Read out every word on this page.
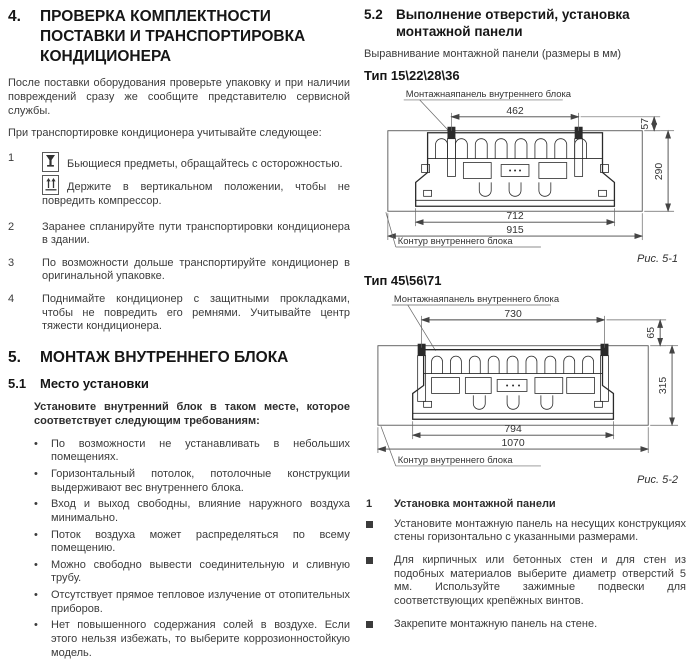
4.	ПРОВЕРКА КОМПЛЕКТНОСТИ ПОСТАВКИ И ТРАНСПОРТИРОВКА КОНДИЦИОНЕРА

После поставки оборудования проверьте упаковку и при наличии повреждений сразу же сообщите представителю сервисной службы.

При транспортировке кондиционера учитывайте следующее:

1	Бьющиеся предметы, обращайтесь с осторожностью.

Держите в вертикальном положении, чтобы не повредить компрессор.

2	Заранее спланируйте пути транспортировки кондиционера в здании.
3	По возможности дольше транспортируйте кондиционер в оригинальной упаковке.
4	Поднимайте кондиционер с защитными прокладками, чтобы не повредить его ремнями. Учитывайте центр тяжести кондиционера.
5.	МОНТАЖ ВНУТРЕННЕГО БЛОКА
5.1	Место установки

Установите внутренний блок в таком месте, которое соответствует следующим требованиям:

•
По возможности не устанавливать в небольших помещениях.
•
Горизонтальный потолок, потолочные конструкции выдерживают вес внутреннего блока.
•
Вход и выход свободны, влияние наружного воздуха минимально.
•
Поток воздуха может распределяться по всему помещению.
•
Можно свободно вывести соединительную и сливную трубу.
•
Отсутствует прямое тепловое излучение от отопительных приборов.
•
Нет повышенного содержания солей в воздухе. Если этого нельзя избежать, то выберите коррозионностойкую модель.
5.2 Выполнение отверстий, установка монтажной панели

Выравнивание монтажной панели (размеры в мм)

Тип 15\22\28\36
Монтажнаяпанель внутреннего блока
462
57
290
712
915
Контур внутреннего блока
Рис. 5-1
Тип 45\56\71
Монтажнаяпанель внутреннего блока
730
65
315
794
1070
Контур внутреннего блока
Рис. 5-2
1	Установка монтажной панели
Установите монтажную панель на несущих конструкциях стены горизонтально с указанными размерами.
Для кирпичных или бетонных стен и для стен из подобных материалов выберите диаметр отверстий 5 мм. Используйте зажимные подвески для соответствующих крепёжных винтов.
Закрепите монтажную панель на стене.
